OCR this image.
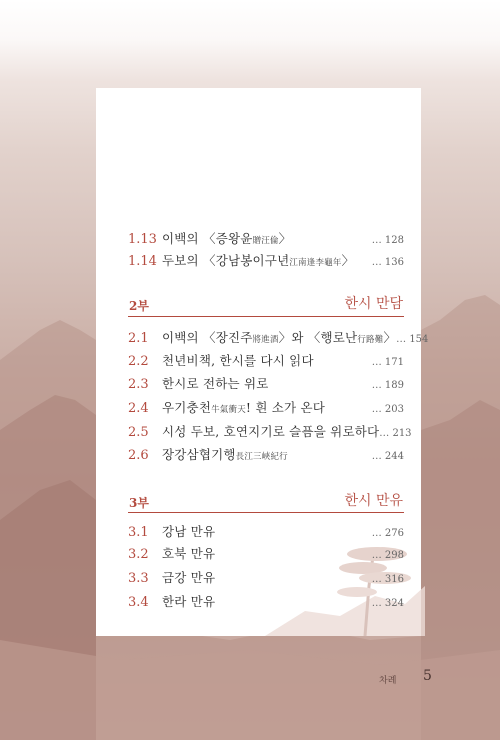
1.13 이백의 〈증왕윤贈汪倫〉	… 128
1.14 두보의 〈강남봉이구년江南逢李龜年〉 … 136
2부	한시 만담
2.1	이백의 〈장진주將進酒〉와 〈행로난行路難〉 … 154
2.2	천년비책, 한시를 다시 읽다	… 171
2.3	한시로 전하는 위로	… 189
2.4	우기충천牛氣衝天! 흰 소가 온다	… 203
2.5	시성 두보, 호연지기로 슬픔을 위로하다 … 213
2.6	장강삼협기행長江三峽紀行	… 244
3부	한시 만유
3.1	강남 만유	… 276
3.2	호북 만유	… 298
3.3	금강 만유	… 316
3.4	한라 만유	… 324
차례 5
